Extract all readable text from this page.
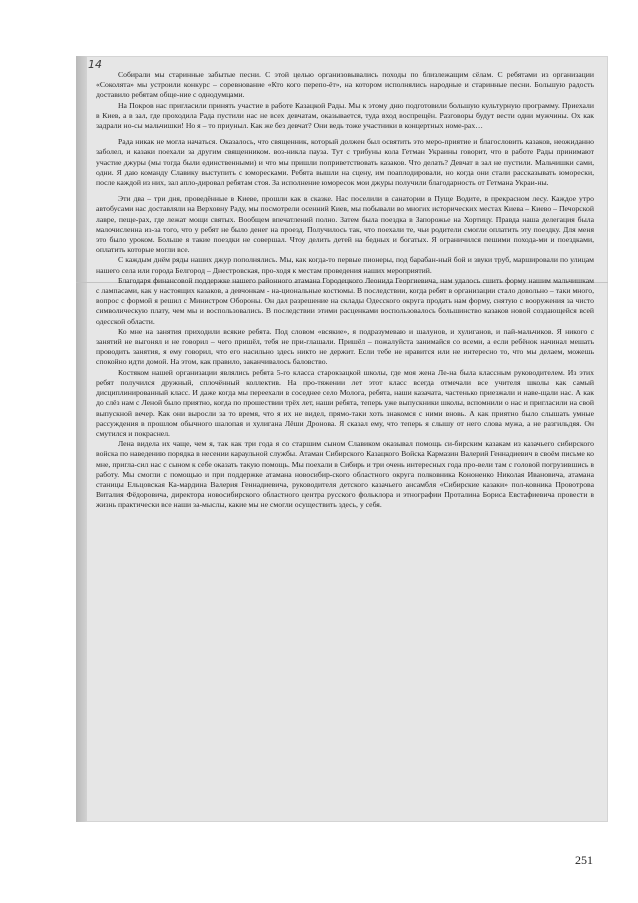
14

Собирали мы старинные забытые песни. С этой целью организовывались походы по близлежащим сёлам. С ребятами из организации «Соколята» мы устроили конкурс – соревнование «Кто кого перепо-ёт», на котором исполнялись народные и старинные песни. Большую радость доставило ребятам обще-ние с однодумцами.

На Покров нас пригласили принять участие в работе Казацкой Рады. Мы к этому дню подготовили большую культурную программу. Приехали в Киев, а в зал, где проходила Рада пустили нас не всех девчатам, оказывается, туда вход воспрещён. Разговоры будут вести одни мужчины. Ох как задрали но-сы мальчишки! Но я – то приуныл. Как же без девчат? Они ведь тоже участники в концертных номе-рах…

Рада никак не могла начаться. Оказалось, что священник, который должен был освятить это меро-приятие и благословить казаков, неожиданно заболел, и казаки поехали за другим священником. воз-никла пауза. Тут с трибуны кола Гетман Украины говорит, что в работе Рады принимают участие джуры (мы тогда были единственными) и что мы пришли поприветствовать казаков. Что делать? Девчат в зал не пустили. Мальчишки сами, одни. Я даю команду Славику выступить с юморесками. Ребята вышли на сцену, им поаплодировали, но когда они стали рассказывать юморески, после каждой из них, зал апло-дировал ребятам стоя. За исполнение юморесок мои джуры получили благодарность от Гетмана Украи-ны.

Эти два – три дня, проведённые в Киеве, прошли как в сказке. Нас поселили в санатории в Пуще Водите, в прекрасном лесу. Каждое утро автобусами нас доставляли на Верховну Раду, мы посмотрели осенний Киев, мы побывали во многих исторических местах Киева – Киево – Печорской лавре, пеще-рах, где лежат мощи святых. Вообщем впечатлений полно. Затем была поездка в Запорожье на Хортицу. Правда наша делегация была малочисленна из-за того, что у ребят не было денег на проезд. Получилось так, что поехали те, чьи родители смогли оплатить эту поездку. Для меня это было уроком. Больше я такие поездки не совершал. Чтоу делить детей на бедных и богатых. Я ограничился пешими похода-ми и поездками, оплатить которые могли все.

С каждым днём ряды наших джур пополнялись. Мы, как когда-то первые пионеры, под барабан-ный бой и звуки труб, маршировали по улицам нашего села или города Белгород – Днестровская, про-ходя к местам проведения наших мероприятий.

Благодаря финансовой поддержке нашего районного атамана Городецкого Леонида Георгиевича, нам удалось сшить форму нашим мальчишкам с лампасами, как у настоящих казаков, а девчонкам - на-циональные костюмы. В последствии, когда ребят в организации стало довольно – таки много, вопрос с формой я решил с Министром Обороны. Он дал разрешение на склады Одесского округа продать нам форму, снятую с вооружения за чисто символическую плату, чем мы и воспользовались. В последствии этими расценками воспользовалось большинство казаков новой создающейся всей одесской области.

Ко мне на занятия приходили всякие ребята. Под словом «всякие», я подразумеваю и шалунов, и хулиганов, и пай-мальчиков. Я никого с занятий не выгонял и не говорил – чего пришёл, тебя не при-глашали. Пришёл – пожалуйста занимайся со всеми, а если ребёнок начинал мешать проводить занятия, я ему говорил, что его насильно здесь никто не держит. Если тебе не нравится или не интересно то, что мы делаем, можешь спокойно идти домой. На этом, как правило, заканчивалось баловство.

Костяком нашей организации являлись ребята 5-го класса старокзацкой школы, где моя жена Ле-на была классным руководителем. Из этих ребят получился дружный, сплочённый коллектив. На про-тяжении лет этот класс всегда отмечали все учителя школы как самый дисциплинированный класс. И даже когда мы переехали в соседнее село Мологa, ребята, наши казачата, частенько приезжали и наве-щали нас. А как до слёз нам с Леной было приятно, когда по прошествии трёх лет, наши ребята, теперь уже выпускники школы, вспомнили о нас и пригласили на свой выпускной вечер. Как они выросли за то время, что я их не видел, прямо-таки хоть знакомся с ними вновь. А как приятно было слышать умные рассуждения в прошлом обычного шалопая и хулигана Лёши Дронова. Я сказал ему, что теперь я слышу от него слова мужа, а не разгильдяя. Он смутился и покраснел.

Лена видела их чаще, чем я, так как три года я со старшим сыном Славиком оказывал помощь си-бирским казакам из казачьего сибирского войска по наведению порядка в несении караульной службы. Атаман Сибирского Казацкого Войска Кармазин Валерий Геннадиевич в своём письме ко мне, пригла-сил нас с сыном к себе оказать такую помощь. Мы поехали в Сибирь и три очень интересных года про-вели там с головой погрузившись в работу. Мы смогли с помощью и при поддержке атамана новосибир-ского областного округа полковника Кононенко Николая Ивановича, атамана станицы Ельцовская Ка-мардина Валерия Геннадиевича, руководителя детского казачьего ансамбля «Сибирские казаки» пол-ковника Провотрова Виталия Фёдоровича, директора новосибирского областного центра русского фольклора и этнографии Проталина Бориса Евстафиевича провести в жизнь практически все наши за-мыслы, какие мы не смогли осуществить здесь, у себя.

251
